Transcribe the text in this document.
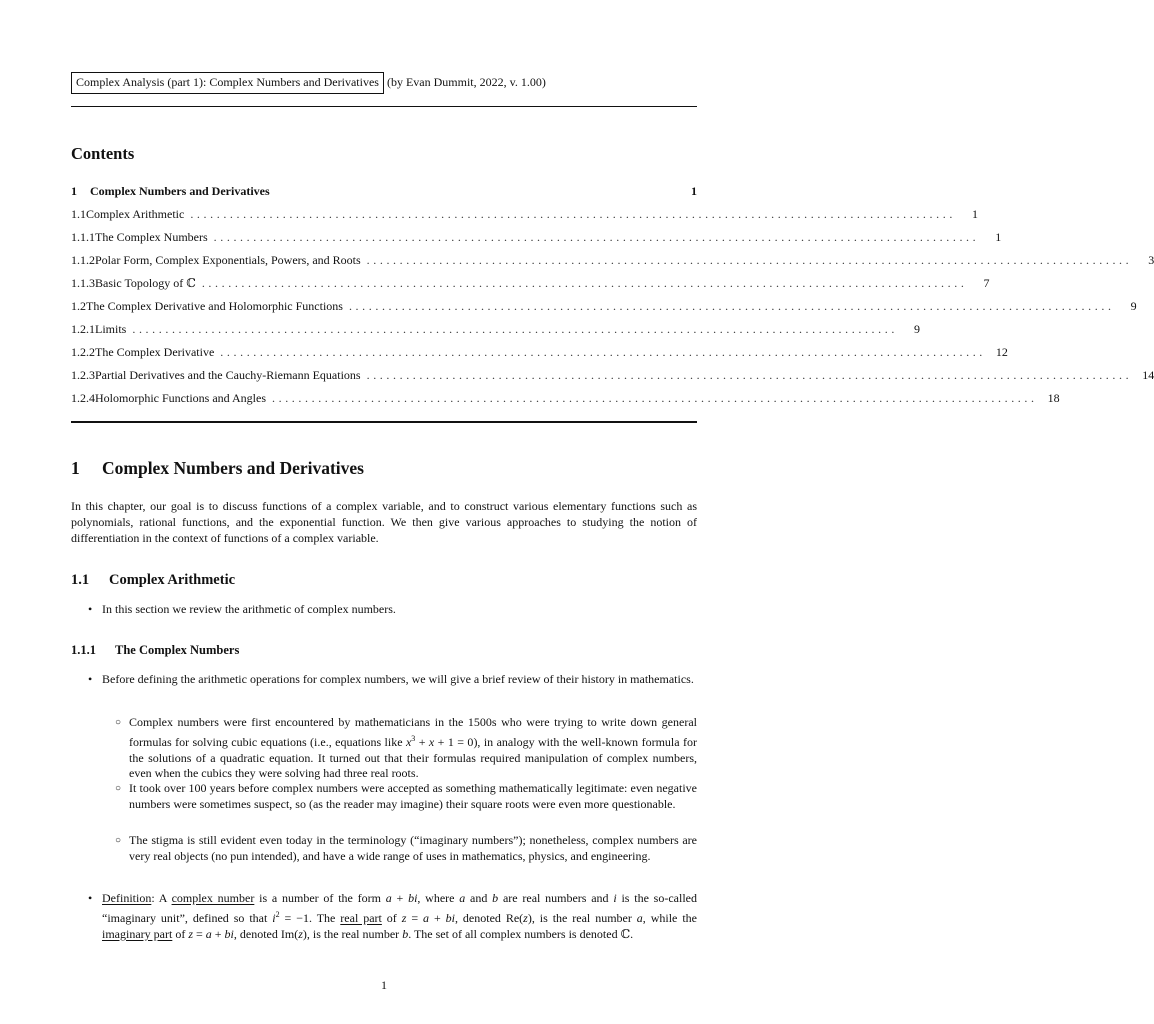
Complex Analysis (part 1): Complex Numbers and Derivatives (by Evan Dummit, 2022, v. 1.00)
Contents
1	Complex Numbers and Derivatives	1
1.1 Complex Arithmetic ....................................................................................................................	1
1.1.1 The Complex Numbers ....................................................................................................................	1
1.1.2 Polar Form, Complex Exponentials, Powers, and Roots ....................................................................................................................	3
1.1.3 Basic Topology of ℂ ....................................................................................................................	7
1.2 The Complex Derivative and Holomorphic Functions ....................................................................................................................	9
1.2.1 Limits ....................................................................................................................	9
1.2.2 The Complex Derivative .................................................................................................................... 12
1.2.3 Partial Derivatives and the Cauchy-Riemann Equations .................................................................................................................... 14
1.2.4 Holomorphic Functions and Angles .................................................................................................................... 18
1 Complex Numbers and Derivatives
In this chapter, our goal is to discuss functions of a complex variable, and to construct various elementary functions such as polynomials, rational functions, and the exponential function. We then give various approaches to studying the notion of differentiation in the context of functions of a complex variable.
1.1 Complex Arithmetic
• In this section we review the arithmetic of complex numbers.
1.1.1 The Complex Numbers
• Before defining the arithmetic operations for complex numbers, we will give a brief review of their history in mathematics.
○ Complex numbers were first encountered by mathematicians in the 1500s who were trying to write down general formulas for solving cubic equations (i.e., equations like $x^3 + x + 1 = 0$), in analogy with the well-known formula for the solutions of a quadratic equation. It turned out that their formulas required manipulation of complex numbers, even when the cubics they were solving had three real roots.
○ It took over 100 years before complex numbers were accepted as something mathematically legitimate: even negative numbers were sometimes suspect, so (as the reader may imagine) their square roots were even more questionable.
○ The stigma is still evident even today in the terminology (“imaginary numbers”); nonetheless, complex numbers are very real objects (no pun intended), and have a wide range of uses in mathematics, physics, and engineering.
• Definition: A complex number is a number of the form a + bi, where a and b are real numbers and i is the so-called “imaginary unit”, defined so that $i^2 = -1$. The real part of z = a + bi, denoted Re(z), is the real number a, while the imaginary part of z = a + bi, denoted Im(z), is the real number b. The set of all complex numbers is denoted ℂ.
1
